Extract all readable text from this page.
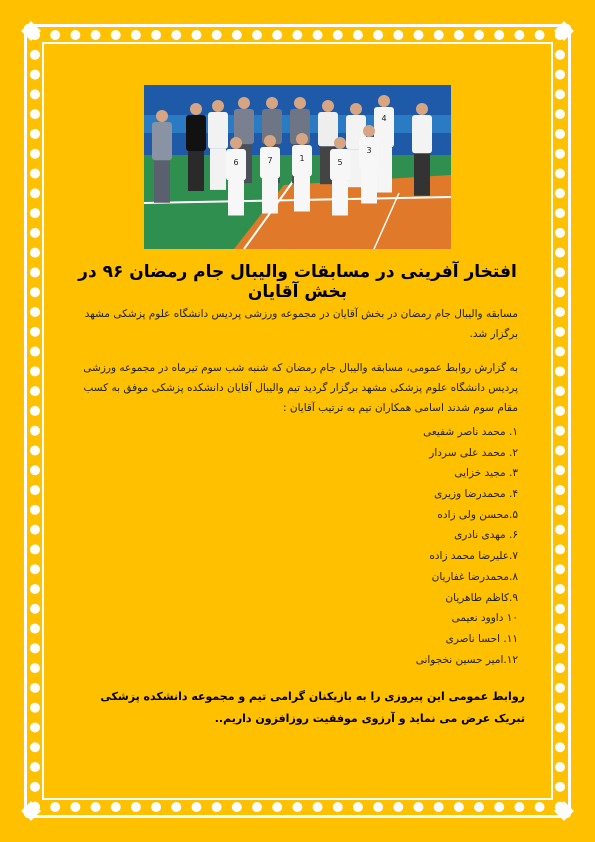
6	7	1	5
3
4
افتخار آفرینی در مسابقات والیبال جام رمضان ۹۶ در بخش آقایان
مسابقه والیبال جام رمضان در بخش آقایان در مجموعه ورزشی پردیس دانشگاه علوم پزشکی مشهد برگزار شد.
به گزارش روابط عمومی، مسابقه والیبال جام رمضان که شنبه شب سوم تیرماه در مجموعه ورزشی پردیس دانشگاه علوم پزشکی مشهد برگزار گردید تیم والیبال آقایان دانشکده پزشکی موفق به کسب مقام سوم شدند اسامی همکاران تیم به ترتیب آقایان :
۱. محمد ناصر شفیعی
۲. محمد علی سردار
۳. مجید خزایی
۴. محمدرضا وزیری
۵.محسن ولی زاده
۶. مهدی نادری
۷.علیرضا محمد زاده
۸.محمدرضا غفاریان
۹.کاظم طاهریان
۱۰ داوود نعیمی
۱۱. احسا ناصری
۱۲.امیر حسین نخجوانی
روابط عمومی این پیروزی را به بازیکنان گرامی تیم و مجموعه دانشکده پزشکی تبریک عرض می نماید و آرزوی موفقیت روزافزون داریم..
